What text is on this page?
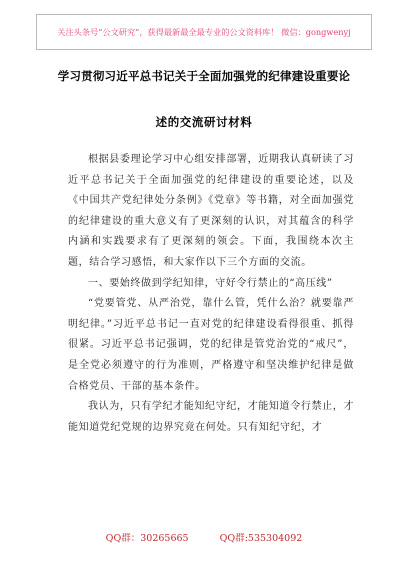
关注头条号“公文研究”，获得最新最全最专业的公文资料库！ 微信：gongwenyj
学习贯彻习近平总书记关于全面加强党的纪律建设重要论
述的交流研讨材料

根据县委理论学习中心组安排部署，近期我认真研读了习近平总书记关于全面加强党的纪律建设的重要论述，以及《中国共产党纪律处分条例》《党章》等书籍，对全面加强党的纪律建设的重大意义有了更深刻的认识，对其蕴含的科学内涵和实践要求有了更深刻的领会。下面，我围绕本次主题，结合学习感悟，和大家作以下三个方面的交流。

一、要始终做到学纪知律，守好令行禁止的“高压线”

“党要管党、从严治党，靠什么管，凭什么治？就要靠严明纪律。”习近平总书记一直对党的纪律建设看得很重、抓得很紧。习近平总书记强调，党的纪律是管党治党的“戒尺”，是全党必须遵守的行为准则，严格遵守和坚决维护纪律是做合格党员、干部的基本条件。

我认为，只有学纪才能知纪守纪，才能知道令行禁止，才能知道党纪党规的边界究竟在何处。只有知纪守纪，才

QQ群：30265665	QQ群:535304092
